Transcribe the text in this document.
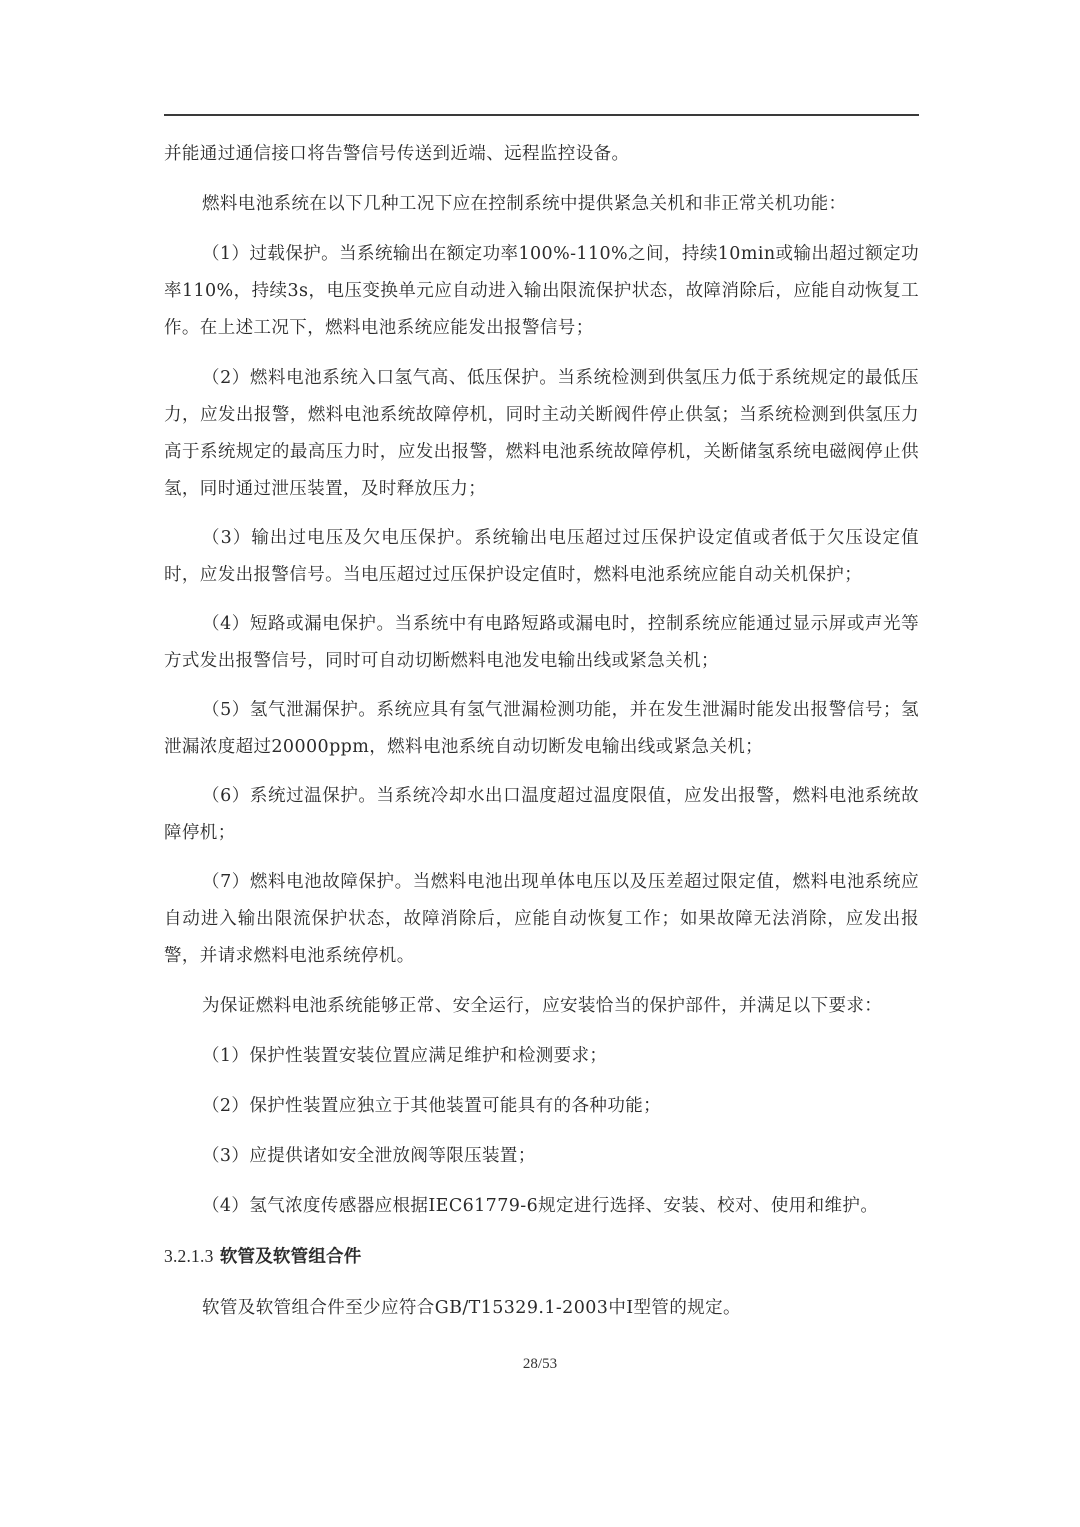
并能通过通信接口将告警信号传送到近端、远程监控设备。

燃料电池系统在以下几种工况下应在控制系统中提供紧急关机和非正常关机功能：

（1）过载保护。当系统输出在额定功率100%-110%之间，持续10min或输出超过额定功率110%，持续3s，电压变换单元应自动进入输出限流保护状态，故障消除后，应能自动恢复工作。在上述工况下，燃料电池系统应能发出报警信号；

（2）燃料电池系统入口氢气高、低压保护。当系统检测到供氢压力低于系统规定的最低压力，应发出报警，燃料电池系统故障停机，同时主动关断阀件停止供氢；当系统检测到供氢压力高于系统规定的最高压力时，应发出报警，燃料电池系统故障停机，关断储氢系统电磁阀停止供氢，同时通过泄压装置，及时释放压力；

（3）输出过电压及欠电压保护。系统输出电压超过过压保护设定值或者低于欠压设定值时，应发出报警信号。当电压超过过压保护设定值时，燃料电池系统应能自动关机保护；

（4）短路或漏电保护。当系统中有电路短路或漏电时，控制系统应能通过显示屏或声光等方式发出报警信号，同时可自动切断燃料电池发电输出线或紧急关机；

（5）氢气泄漏保护。系统应具有氢气泄漏检测功能，并在发生泄漏时能发出报警信号；氢泄漏浓度超过20000ppm，燃料电池系统自动切断发电输出线或紧急关机；

（6）系统过温保护。当系统冷却水出口温度超过温度限值，应发出报警，燃料电池系统故障停机；

（7）燃料电池故障保护。当燃料电池出现单体电压以及压差超过限定值，燃料电池系统应自动进入输出限流保护状态，故障消除后，应能自动恢复工作；如果故障无法消除，应发出报警，并请求燃料电池系统停机。

为保证燃料电池系统能够正常、安全运行，应安装恰当的保护部件，并满足以下要求：

（1）保护性装置安装位置应满足维护和检测要求；

（2）保护性装置应独立于其他装置可能具有的各种功能；

（3）应提供诸如安全泄放阀等限压装置；

（4）氢气浓度传感器应根据IEC61779-6规定进行选择、安装、校对、使用和维护。

3.2.1.3 软管及软管组合件

软管及软管组合件至少应符合GB/T15329.1-2003中I型管的规定。

28/53
